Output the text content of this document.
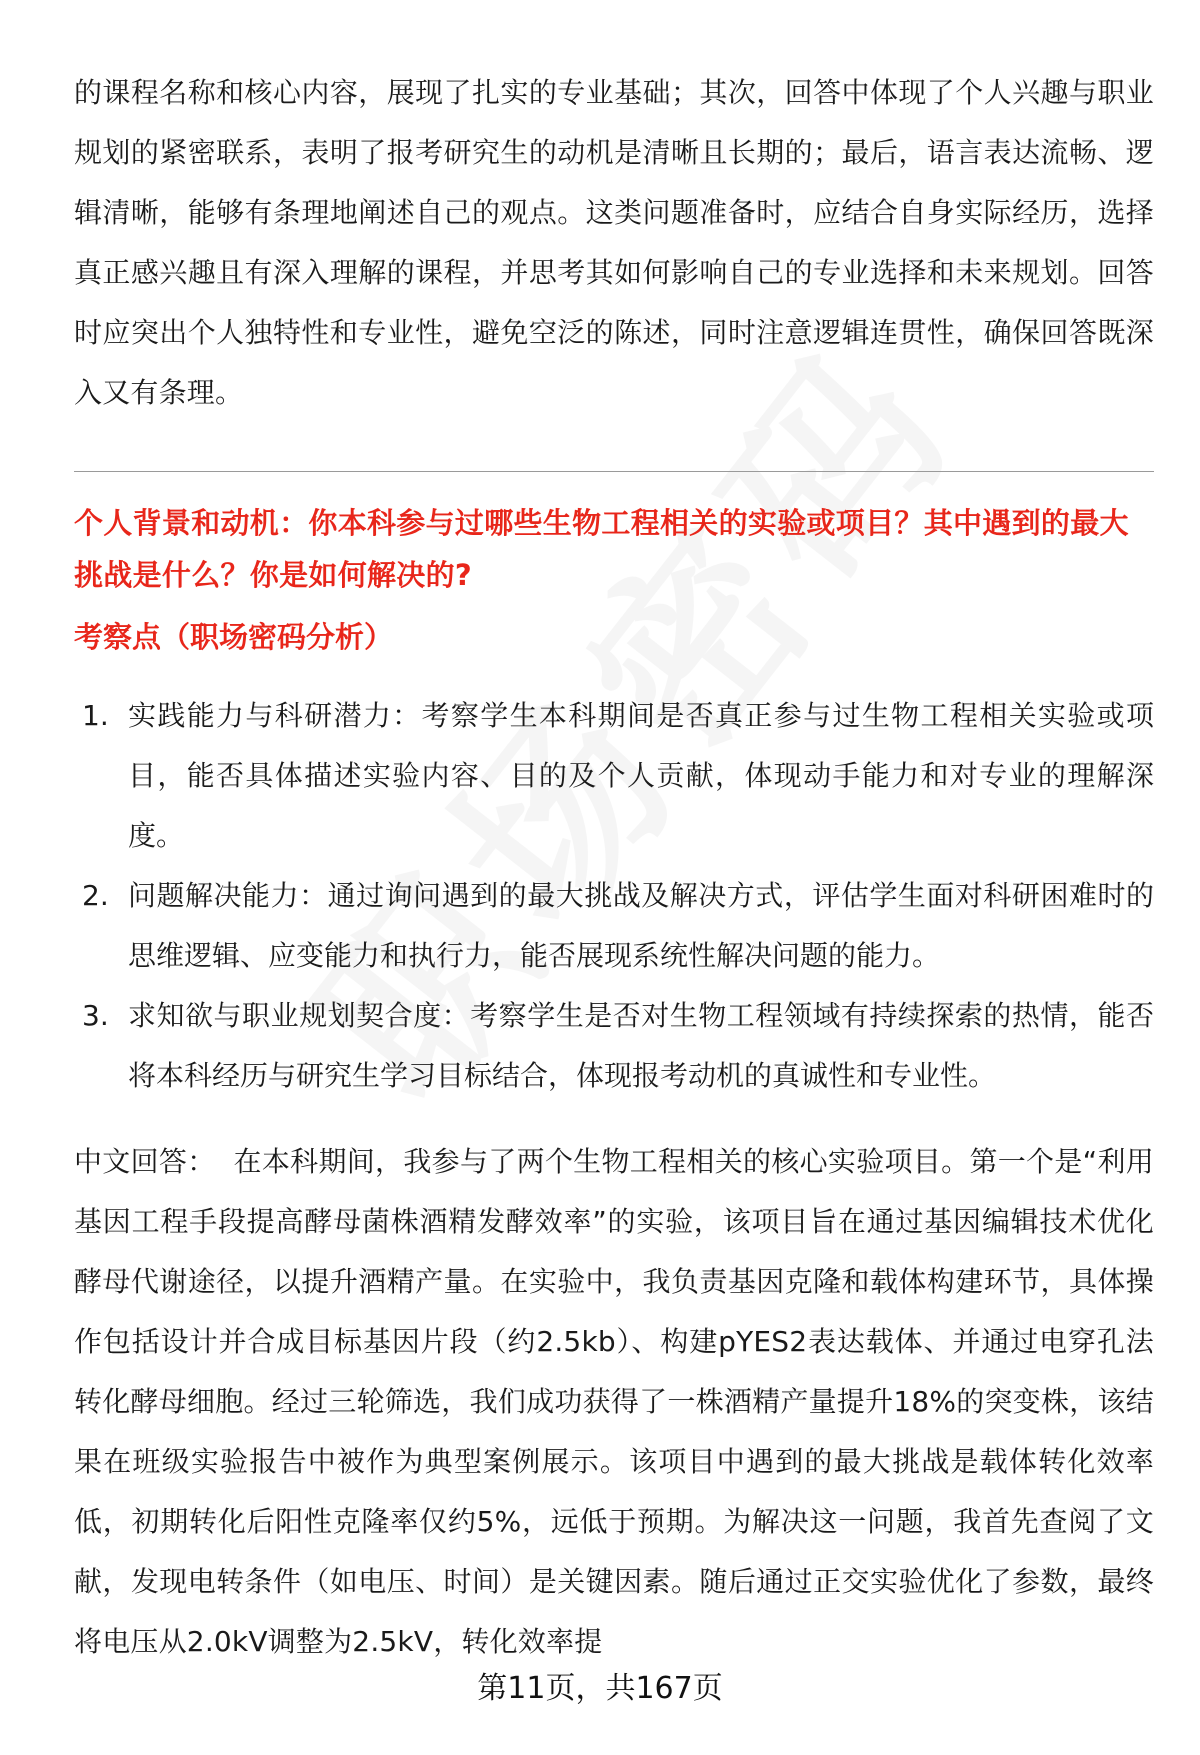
的课程名称和核心内容，展现了扎实的专业基础；其次，回答中体现了个人兴趣与职业规划的紧密联系，表明了报考研究生的动机是清晰且长期的；最后，语言表达流畅、逻辑清晰，能够有条理地阐述自己的观点。这类问题准备时，应结合自身实际经历，选择真正感兴趣且有深入理解的课程，并思考其如何影响自己的专业选择和未来规划。回答时应突出个人独特性和专业性，避免空泛的陈述，同时注意逻辑连贯性，确保回答既深入又有条理。

个人背景和动机：你本科参与过哪些生物工程相关的实验或项目？其中遇到的最大挑战是什么？你是如何解决的?

考察点（职场密码分析）

1. 实践能力与科研潜力：考察学生本科期间是否真正参与过生物工程相关实验或项目，能否具体描述实验内容、目的及个人贡献，体现动手能力和对专业的理解深度。
2. 问题解决能力：通过询问遇到的最大挑战及解决方式，评估学生面对科研困难时的思维逻辑、应变能力和执行力，能否展现系统性解决问题的能力。
3. 求知欲与职业规划契合度：考察学生是否对生物工程领域有持续探索的热情，能否将本科经历与研究生学习目标结合，体现报考动机的真诚性和专业性。

中文回答： 在本科期间，我参与了两个生物工程相关的核心实验项目。第一个是“利用基因工程手段提高酵母菌株酒精发酵效率”的实验，该项目旨在通过基因编辑技术优化酵母代谢途径，以提升酒精产量。在实验中，我负责基因克隆和载体构建环节，具体操作包括设计并合成目标基因片段（约2.5kb）、构建pYES2表达载体、并通过电穿孔法转化酵母细胞。经过三轮筛选，我们成功获得了一株酒精产量提升18%的突变株，该结果在班级实验报告中被作为典型案例展示。该项目中遇到的最大挑战是载体转化效率低，初期转化后阳性克隆率仅约5%，远低于预期。为解决这一问题，我首先查阅了文献，发现电转条件（如电压、时间）是关键因素。随后通过正交实验优化了参数，最终将电压从2.0kV调整为2.5kV，转化效率提

第11页，共167页
